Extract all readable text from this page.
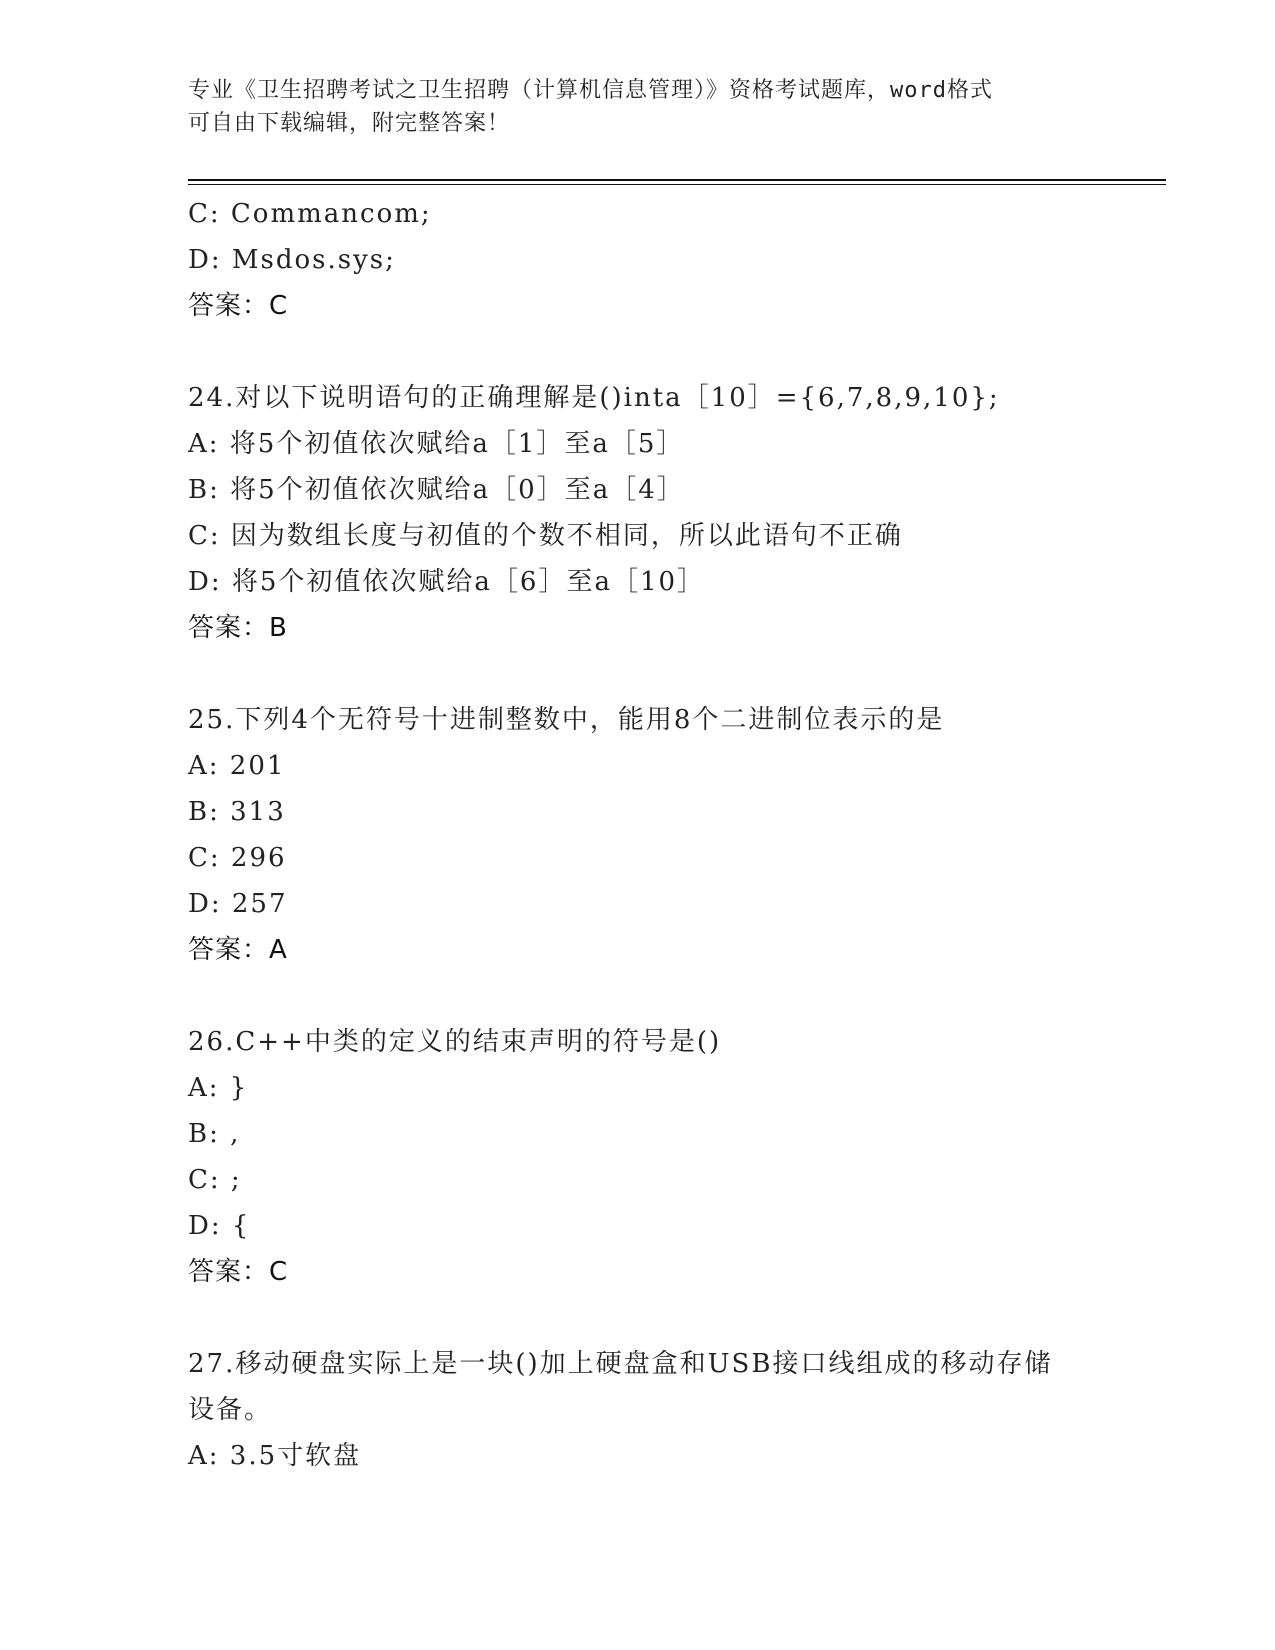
专业《卫生招聘考试之卫生招聘（计算机信息管理）》资格考试题库，word格式
可自由下载编辑，附完整答案！
C: Commancom;
D: Msdos.sys;
答案：C
24.对以下说明语句的正确理解是()inta［10］={6,7,8,9,10};
A: 将5个初值依次赋给a［1］至a［5］
B: 将5个初值依次赋给a［0］至a［4］
C: 因为数组长度与初值的个数不相同，所以此语句不正确
D: 将5个初值依次赋给a［6］至a［10］
答案：B
25.下列4个无符号十进制整数中，能用8个二进制位表示的是
A: 201
B: 313
C: 296
D: 257
答案：A
26.C++中类的定义的结束声明的符号是()
A: }
B: ,
C: ;
D: {
答案：C
27.移动硬盘实际上是一块()加上硬盘盒和USB接口线组成的移动存储
设备。
A: 3.5寸软盘
